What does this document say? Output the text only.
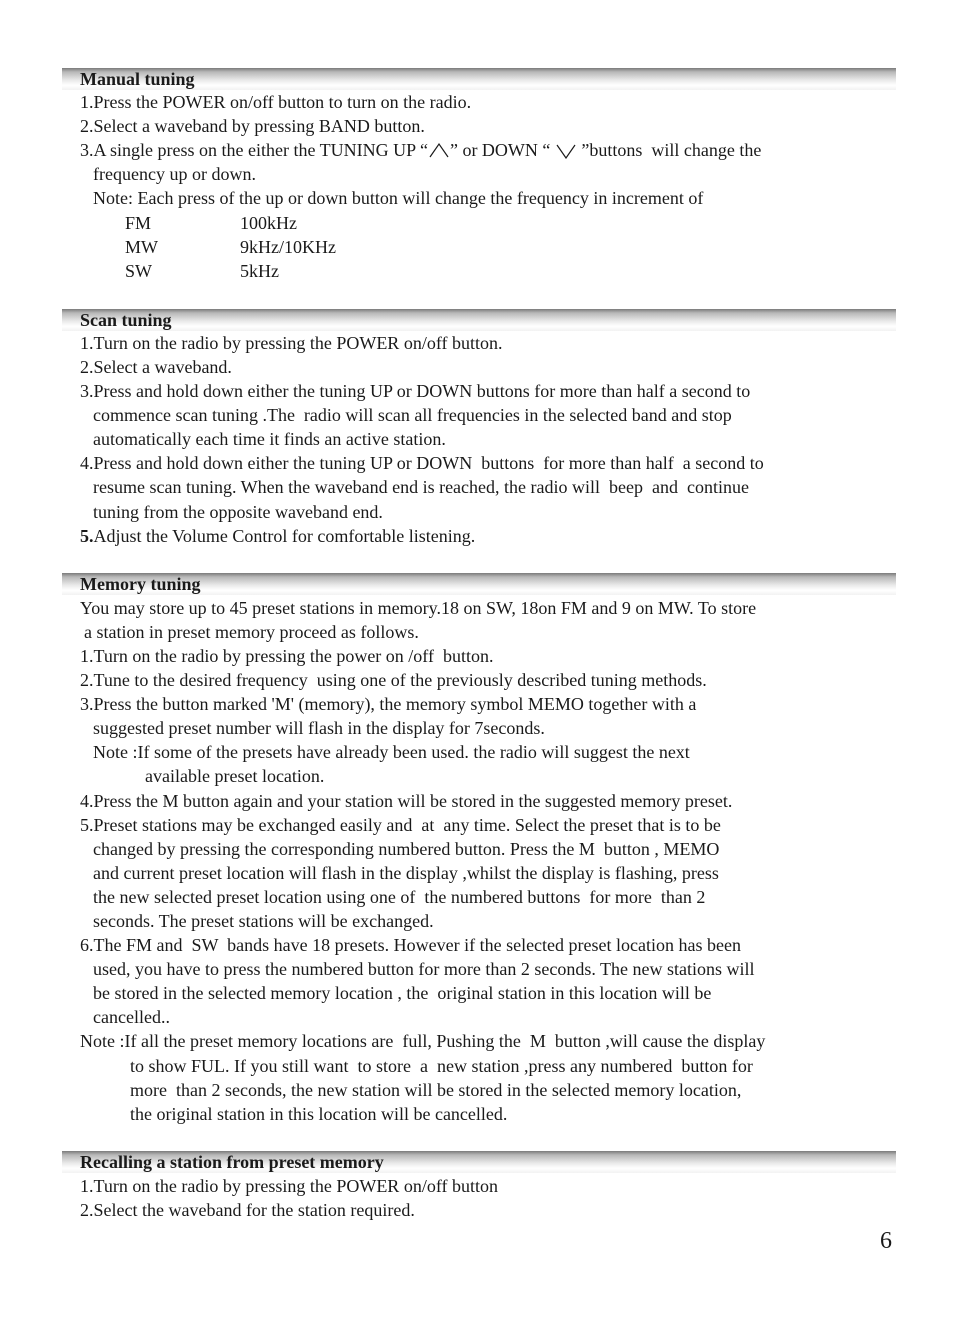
Manual tuning
1.Press the POWER on/off button to turn on the radio.
2.Select a waveband by pressing BAND button.
3.A single press on the either the TUNING UP “ ” or DOWN “  ”buttons  will change the
frequency up or down.
Note: Each press of the up or down button will change the frequency in increment of
FM	100kHz
MW	9kHz/10KHz
SW	5kHz
Scan tuning
1.Turn on the radio by pressing the POWER on/off button.
2.Select a waveband.
3.Press and hold down either the tuning UP or DOWN buttons for more than half a second to
commence scan tuning .The  radio will scan all frequencies in the selected band and stop
automatically each time it finds an active station.
4.Press and hold down either the tuning UP or DOWN  buttons  for more than half  a second to
resume scan tuning. When the waveband end is reached, the radio will  beep  and  continue
tuning from the opposite waveband end.
5.Adjust the Volume Control for comfortable listening.
Memory tuning
You may store up to 45 preset stations in memory.18 on SW, 18on FM and 9 on MW. To store
a station in preset memory proceed as follows.
1.Turn on the radio by pressing the power on /off  button.
2.Tune to the desired frequency  using one of the previously described tuning methods.
3.Press the button marked 'M' (memory), the memory symbol MEMO together with a
suggested preset number will flash in the display for 7seconds.
Note :If some of the presets have already been used. the radio will suggest the next
available preset location.
4.Press the M button again and your station will be stored in the suggested memory preset.
5.Preset stations may be exchanged easily and  at  any time. Select the preset that is to be
changed by pressing the corresponding numbered button. Press the M  button , MEMO
and current preset location will flash in the display ,whilst the display is flashing, press
the new selected preset location using one of  the numbered buttons  for more  than 2
seconds. The preset stations will be exchanged.
6.The FM and  SW  bands have 18 presets. However if the selected preset location has been
used, you have to press the numbered button for more than 2 seconds. The new stations will
be stored in the selected memory location , the  original station in this location will be
cancelled..
Note :If all the preset memory locations are  full, Pushing the  M  button ,will cause the display
to show FUL. If you still want  to store  a  new station ,press any numbered  button for
more  than 2 seconds, the new station will be stored in the selected memory location,
the original station in this location will be cancelled.
Recalling a station from preset memory
1.Turn on the radio by pressing the POWER on/off button
2.Select the waveband for the station required.
6
